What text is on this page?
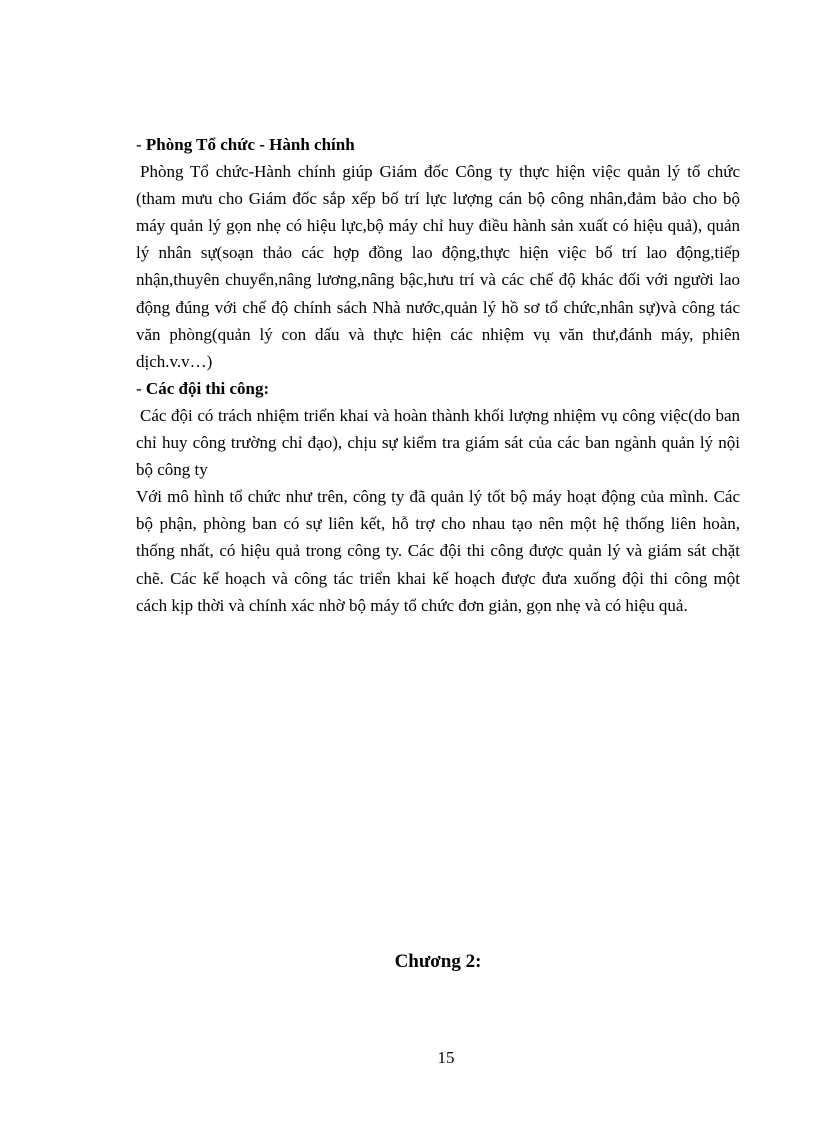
- Phòng Tổ chức - Hành chính

Phòng Tổ chức-Hành chính giúp Giám đốc Công ty thực hiện việc quản lý tổ chức (tham mưu cho Giám đốc sắp xếp bố trí lực lượng cán bộ công nhân,đảm bảo cho bộ máy quản lý gọn nhẹ có hiệu lực,bộ máy chỉ huy điều hành sản xuất có hiệu quả), quản lý nhân sự(soạn thảo các hợp đồng lao động,thực hiện việc bố trí lao động,tiếp nhận,thuyên chuyển,nâng lương,nâng bậc,hưu trí và các chế độ khác đối với người lao động đúng với chế độ chính sách Nhà nước,quản lý hồ sơ tổ chức,nhân sự)và công tác văn phòng(quản lý con dấu và thực hiện các nhiệm vụ văn thư,đánh máy, phiên dịch.v.v…)

- Các đội thi công:

Các đội có trách nhiệm triển khai và hoàn thành khối lượng nhiệm vụ công việc(do ban chỉ huy công trường chỉ đạo), chịu sự kiểm tra giám sát của các ban ngành quản lý nội bộ công ty

Với mô hình tổ chức như trên, công ty đã quản lý tốt bộ máy hoạt động của mình. Các bộ phận, phòng ban có sự liên kết, hỗ trợ cho nhau tạo nên một hệ thống liên hoàn, thống nhất, có hiệu quả trong công ty. Các đội thi công được quản lý và giám sát chặt chẽ. Các kế hoạch và công tác triển khai kế hoạch được đưa xuống đội thi công một cách kịp thời và chính xác nhờ bộ máy tổ chức đơn giản, gọn nhẹ và có hiệu quả.

Chương 2:
15
